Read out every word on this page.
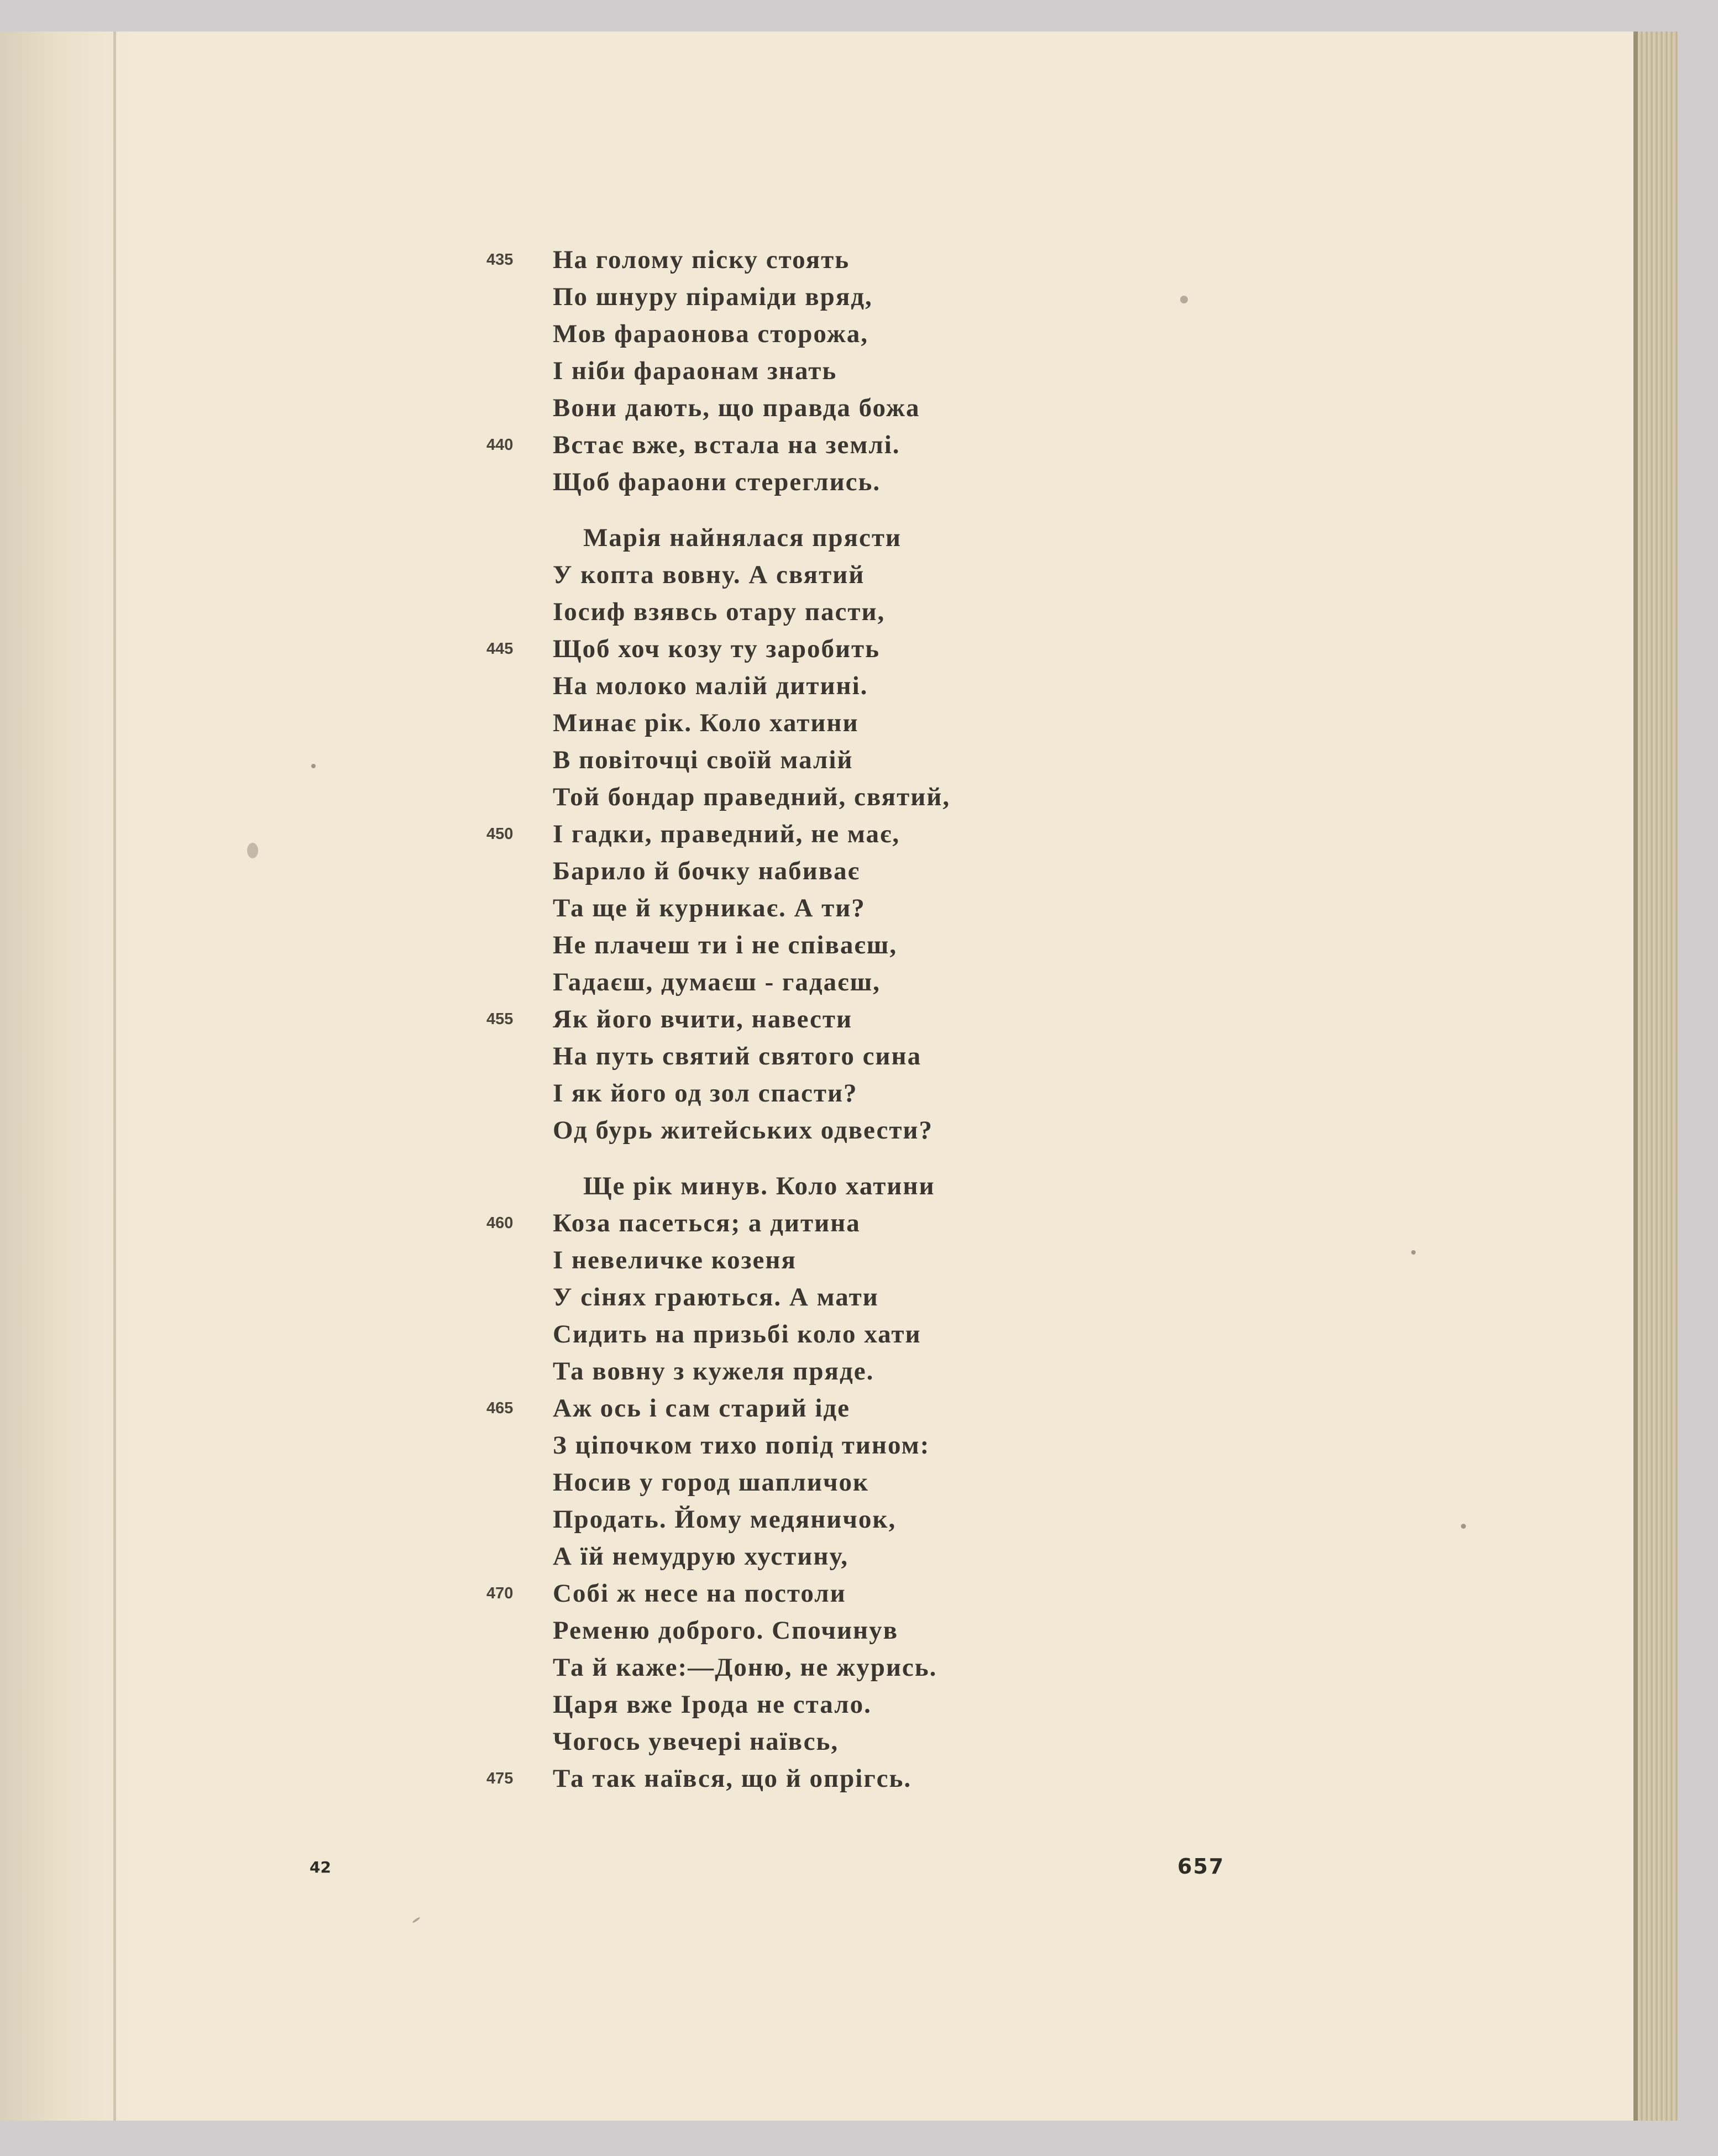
На голому піску стоять
По шнуру піраміди вряд,
Мов фараонова сторожа,
І ніби фараонам знать
Вони дають, що правда божа
Встає вже, встала на землі.
Щоб фараони стереглись.
Марія найнялася прясти
У копта вовну. А святий
Іосиф взявсь отару пасти,
Щоб хоч козу ту заробить
На молоко малій дитині.
Минає рік. Коло хатини
В повіточці своїй малій
Той бондар праведний, святий,
І гадки, праведний, не має,
Барило й бочку набиває
Та ще й курникає. А ти?
Не плачеш ти і не співаєш,
Гадаєш, думаєш - гадаєш,
Як його вчити, навести
На путь святий святого сина
І як його од зол спасти?
Од бурь житейських одвести?
Ще рік минув. Коло хатини
Коза пасеться; а дитина
І невеличке козеня
У сінях граються. А мати
Сидить на призьбі коло хати
Та вовну з кужеля пряде.
Аж ось і сам старий іде
З ціпочком тихо попід тином:
Носив у город шапличок
Продать. Йому медяничок,
А їй немудрую хустину,
Собі ж несе на постоли
Ременю доброго. Спочинув
Та й каже:—Доню, не журись.
Царя вже Ірода не стало.
Чогось увечері наївсь,
Та так наївся, що й опрігсь.
435
440
445
450
455
460
465
470
475
42	657
